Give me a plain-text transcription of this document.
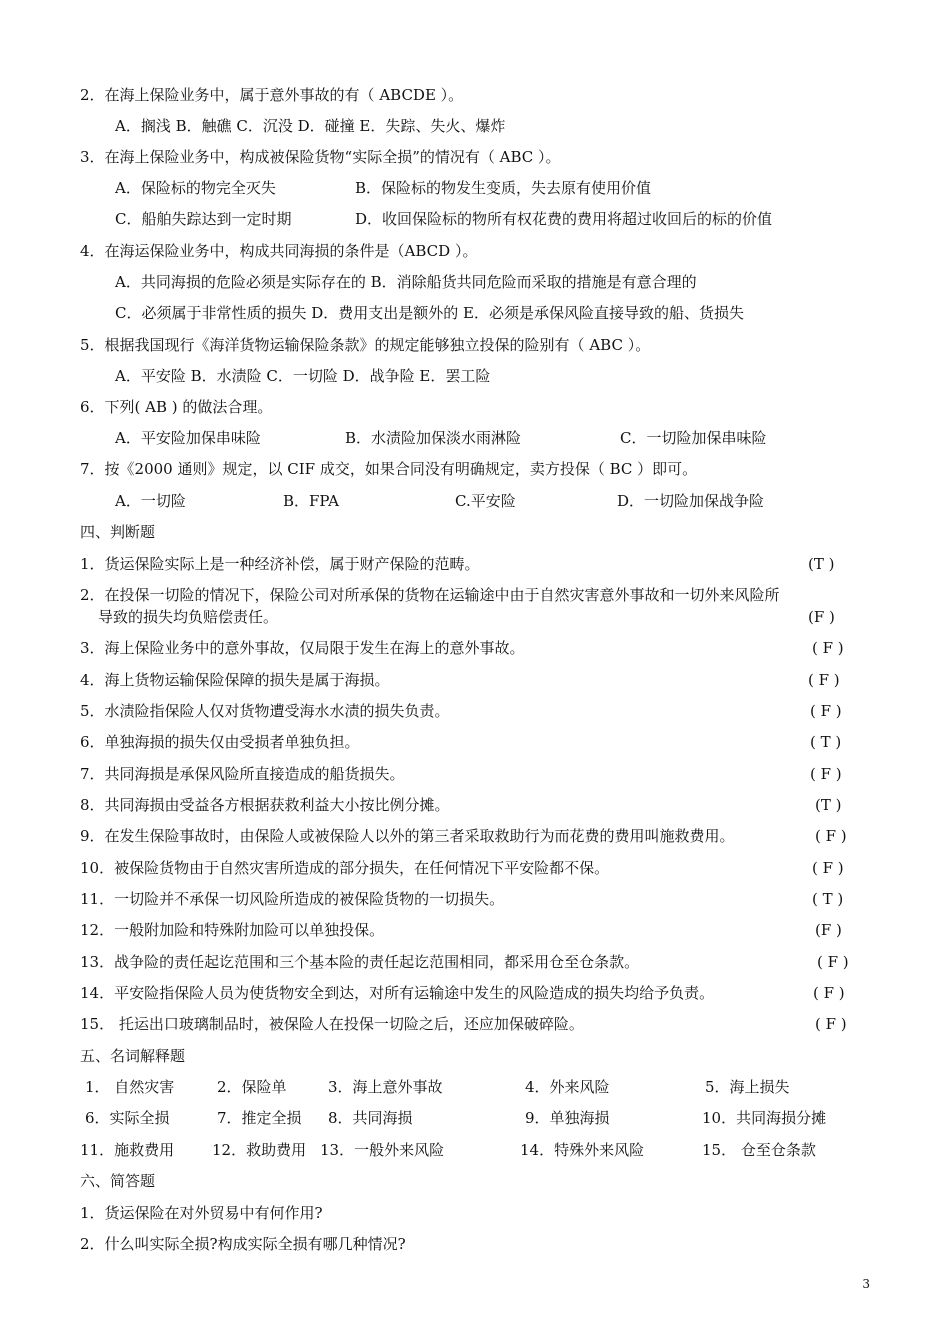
2．在海上保险业务中，属于意外事故的有（ ABCDE ）。
A．搁浅 B．触礁 C．沉没 D．碰撞 E．失踪、失火、爆炸
3．在海上保险业务中，构成被保险货物“实际全损”的情况有（ ABC ）。
A．保险标的物完全灭失	B．保险标的物发生变质，失去原有使用价值
C．船舶失踪达到一定时期	D．收回保险标的物所有权花费的费用将超过收回后的标的价值
4．在海运保险业务中，构成共同海损的条件是（ABCD ）。
A．共同海损的危险必须是实际存在的 B．消除船货共同危险而采取的措施是有意合理的
C．必须属于非常性质的损失 D．费用支出是额外的 E．必须是承保风险直接导致的船、货损失
5．根据我国现行《海洋货物运输保险条款》的规定能够独立投保的险别有（ ABC ）。
A．平安险 B．水渍险 C．一切险 D．战争险 E．罢工险
6．下列( AB ) 的做法合理。
A．平安险加保串味险	B．水渍险加保淡水雨淋险	C．一切险加保串味险
7．按《2000 通则》规定，以 CIF 成交，如果合同没有明确规定，卖方投保（ BC ）即可。
A．一切险	B．FPA	C.平安险	D．一切险加保战争险
四、判断题
1．货运保险实际上是一种经济补偿，属于财产保险的范畴。	(T )
2．在投保一切险的情况下，保险公司对所承保的货物在运输途中由于自然灾害意外事故和一切外来风险所
导致的损失均负赔偿责任。	(F )
3．海上保险业务中的意外事故，仅局限于发生在海上的意外事故。	( F )
4．海上货物运输保险保障的损失是属于海损。	( F )
5．水渍险指保险人仅对货物遭受海水水渍的损失负责。	( F )
6．单独海损的损失仅由受损者单独负担。	( T )
7．共同海损是承保风险所直接造成的船货损失。	( F )
8．共同海损由受益各方根据获救利益大小按比例分摊。	(T )
9．在发生保险事故时，由保险人或被保险人以外的第三者采取救助行为而花费的费用叫施救费用。	( F )
10．被保险货物由于自然灾害所造成的部分损失，在任何情况下平安险都不保。	( F )
11．一切险并不承保一切风险所造成的被保险货物的一切损失。	( T )
12．一般附加险和特殊附加险可以单独投保。	(F )
13．战争险的责任起讫范围和三个基本险的责任起讫范围相同，都采用仓至仓条款。	( F )
14．平安险指保险人员为使货物安全到达，对所有运输途中发生的风险造成的损失均给予负责。	( F )
15． 托运出口玻璃制品时，被保险人在投保一切险之后，还应加保破碎险。	( F )
五、名词解释题
1． 自然灾害	2．保险单	3．海上意外事故	4．外来风险	5．海上损失
6．实际全损	7．推定全损 8．共同海损	9．单独海损	10．共同海损分摊
11．施救费用	12．救助费用 13．一般外来风险	14．特殊外来风险	15． 仓至仓条款
六、简答题
1．货运保险在对外贸易中有何作用?
2．什么叫实际全损?构成实际全损有哪几种情况?
3
